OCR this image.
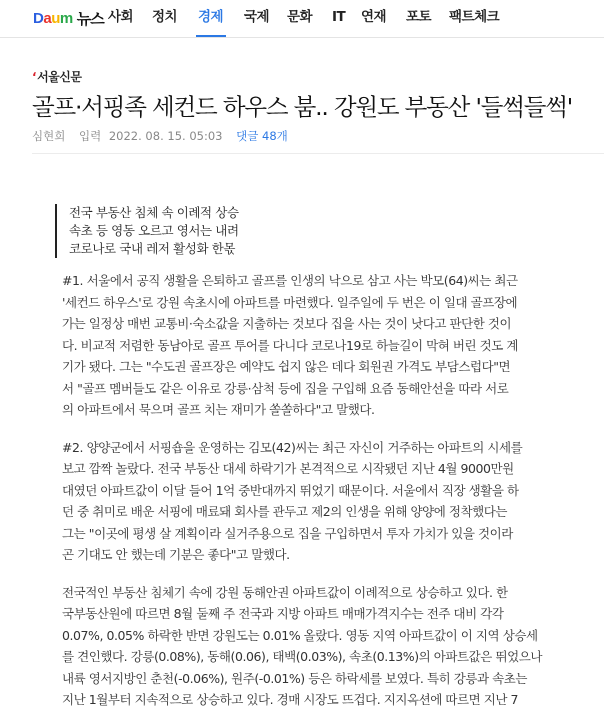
Daum 뉴스 사회 정치 경제 국제 문화 IT 연재 포토 팩트체크
ʻ서울신문
골프·서핑족 세컨드 하우스 붐.. 강원도 부동산 '들썩들썩'
심현희 입력 2022. 08. 15. 05:03 댓글 48개
전국 부동산 침체 속 이례적 상승
속초 등 영동 오르고 영서는 내려
코로나로 국내 레저 활성화 한몫

#1. 서울에서 공직 생활을 은퇴하고 골프를 인생의 낙으로 삼고 사는 박모(64)씨는 최근
'세컨드 하우스'로 강원 속초시에 아파트를 마련했다. 일주일에 두 번은 이 일대 골프장에
가는 일정상 매번 교통비·숙소값을 지출하는 것보다 집을 사는 것이 낫다고 판단한 것이
다. 비교적 저렴한 동남아로 골프 투어를 다니다 코로나19로 하늘길이 막혀 버린 것도 계
기가 됐다. 그는 "수도권 골프장은 예약도 쉽지 않은 데다 회원권 가격도 부담스럽다"면
서 "골프 멤버들도 같은 이유로 강릉·삼척 등에 집을 구입해 요즘 동해안선을 따라 서로
의 아파트에서 묵으며 골프 치는 재미가 쏠쏠하다"고 말했다.

#2. 양양군에서 서핑숍을 운영하는 김모(42)씨는 최근 자신이 거주하는 아파트의 시세를
보고 깜짝 놀랐다. 전국 부동산 대세 하락기가 본격적으로 시작됐던 지난 4월 9000만원
대였던 아파트값이 이달 들어 1억 중반대까지 뛰었기 때문이다. 서울에서 직장 생활을 하
던 중 취미로 배운 서핑에 매료돼 회사를 관두고 제2의 인생을 위해 양양에 정착했다는
그는 "이곳에 평생 살 계획이라 실거주용으로 집을 구입하면서 투자 가치가 있을 것이라
곤 기대도 안 했는데 기분은 좋다"고 말했다.

전국적인 부동산 침체기 속에 강원 동해안권 아파트값이 이례적으로 상승하고 있다. 한
국부동산원에 따르면 8월 둘째 주 전국과 지방 아파트 매매가격지수는 전주 대비 각각
0.07%, 0.05% 하락한 반면 강원도는 0.01% 올랐다. 영동 지역 아파트값이 이 지역 상승세
를 견인했다. 강릉(0.08%), 동해(0.06), 태백(0.03%), 속초(0.13%)의 아파트값은 뛰었으나
내륙 영서지방인 춘천(-0.06%), 원주(-0.01%) 등은 하락세를 보였다. 특히 강릉과 속초는
지난 1월부터 지속적으로 상승하고 있다. 경매 시장도 뜨겁다. 지지옥션에 따르면 지난 7
